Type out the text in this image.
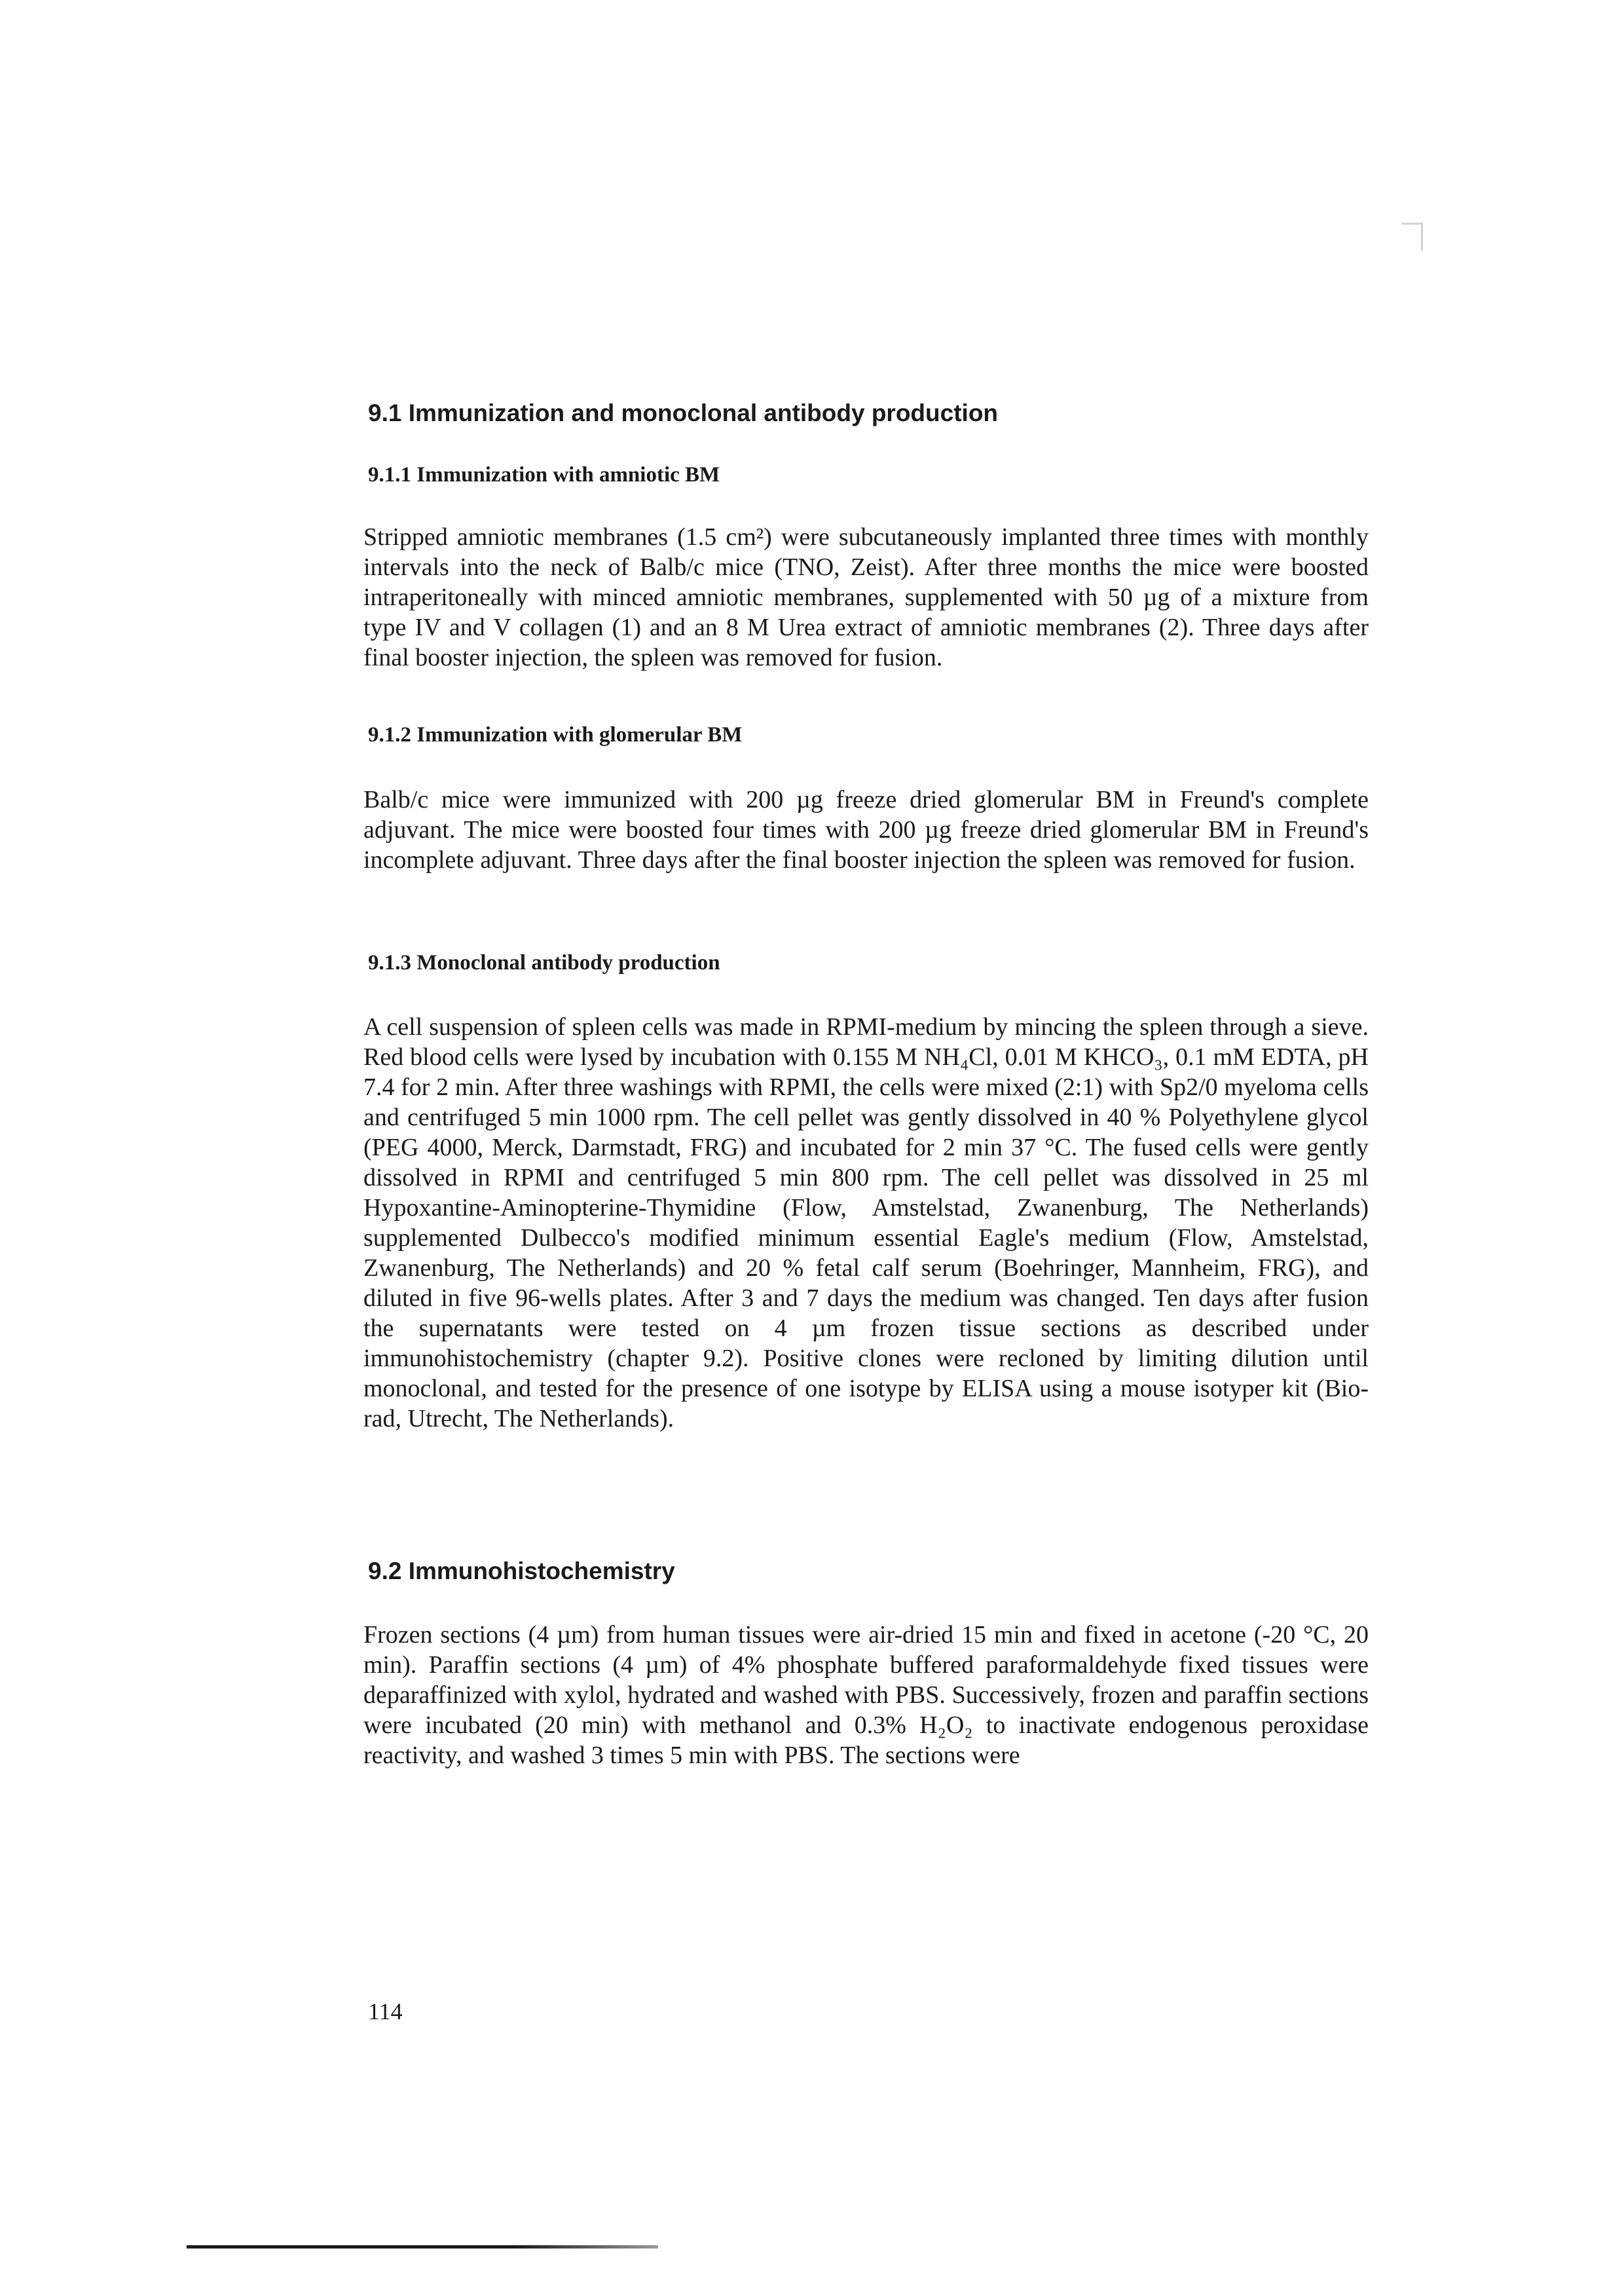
9.1 Immunization and monoclonal antibody production
9.1.1 Immunization with amniotic BM

Stripped amniotic membranes (1.5 cm²) were subcutaneously implanted three times with monthly intervals into the neck of Balb/c mice (TNO, Zeist). After three months the mice were boosted intraperitoneally with minced amniotic membranes, supplemented with 50 µg of a mixture from type IV and V collagen (1) and an 8 M Urea extract of amniotic membranes (2). Three days after final booster injection, the spleen was removed for fusion.

9.1.2 Immunization with glomerular BM

Balb/c mice were immunized with 200 µg freeze dried glomerular BM in Freund's complete adjuvant. The mice were boosted four times with 200 µg freeze dried glomerular BM in Freund's incomplete adjuvant. Three days after the final booster injection the spleen was removed for fusion.

9.1.3 Monoclonal antibody production

A cell suspension of spleen cells was made in RPMI-medium by mincing the spleen through a sieve. Red blood cells were lysed by incubation with 0.155 M NH₄Cl, 0.01 M KHCO₃, 0.1 mM EDTA, pH 7.4 for 2 min. After three washings with RPMI, the cells were mixed (2:1) with Sp2/0 myeloma cells and centrifuged 5 min 1000 rpm. The cell pellet was gently dissolved in 40 % Polyethylene glycol (PEG 4000, Merck, Darmstadt, FRG) and incubated for 2 min 37 °C. The fused cells were gently dissolved in RPMI and centrifuged 5 min 800 rpm. The cell pellet was dissolved in 25 ml Hypoxantine-Aminopterine-Thymidine (Flow, Amstelstad, Zwanenburg, The Netherlands) supplemented Dulbecco's modified minimum essential Eagle's medium (Flow, Amstelstad, Zwanenburg, The Netherlands) and 20 % fetal calf serum (Boehringer, Mannheim, FRG), and diluted in five 96-wells plates. After 3 and 7 days the medium was changed. Ten days after fusion the supernatants were tested on 4 µm frozen tissue sections as described under immunohistochemistry (chapter 9.2). Positive clones were recloned by limiting dilution until monoclonal, and tested for the presence of one isotype by ELISA using a mouse isotyper kit (Bio-rad, Utrecht, The Netherlands).

9.2 Immunohistochemistry

Frozen sections (4 µm) from human tissues were air-dried 15 min and fixed in acetone (-20 °C, 20 min). Paraffin sections (4 µm) of 4% phosphate buffered paraformaldehyde fixed tissues were deparaffinized with xylol, hydrated and washed with PBS. Successively, frozen and paraffin sections were incubated (20 min) with methanol and 0.3% H₂O₂ to inactivate endogenous peroxidase reactivity, and washed 3 times 5 min with PBS. The sections were

114
